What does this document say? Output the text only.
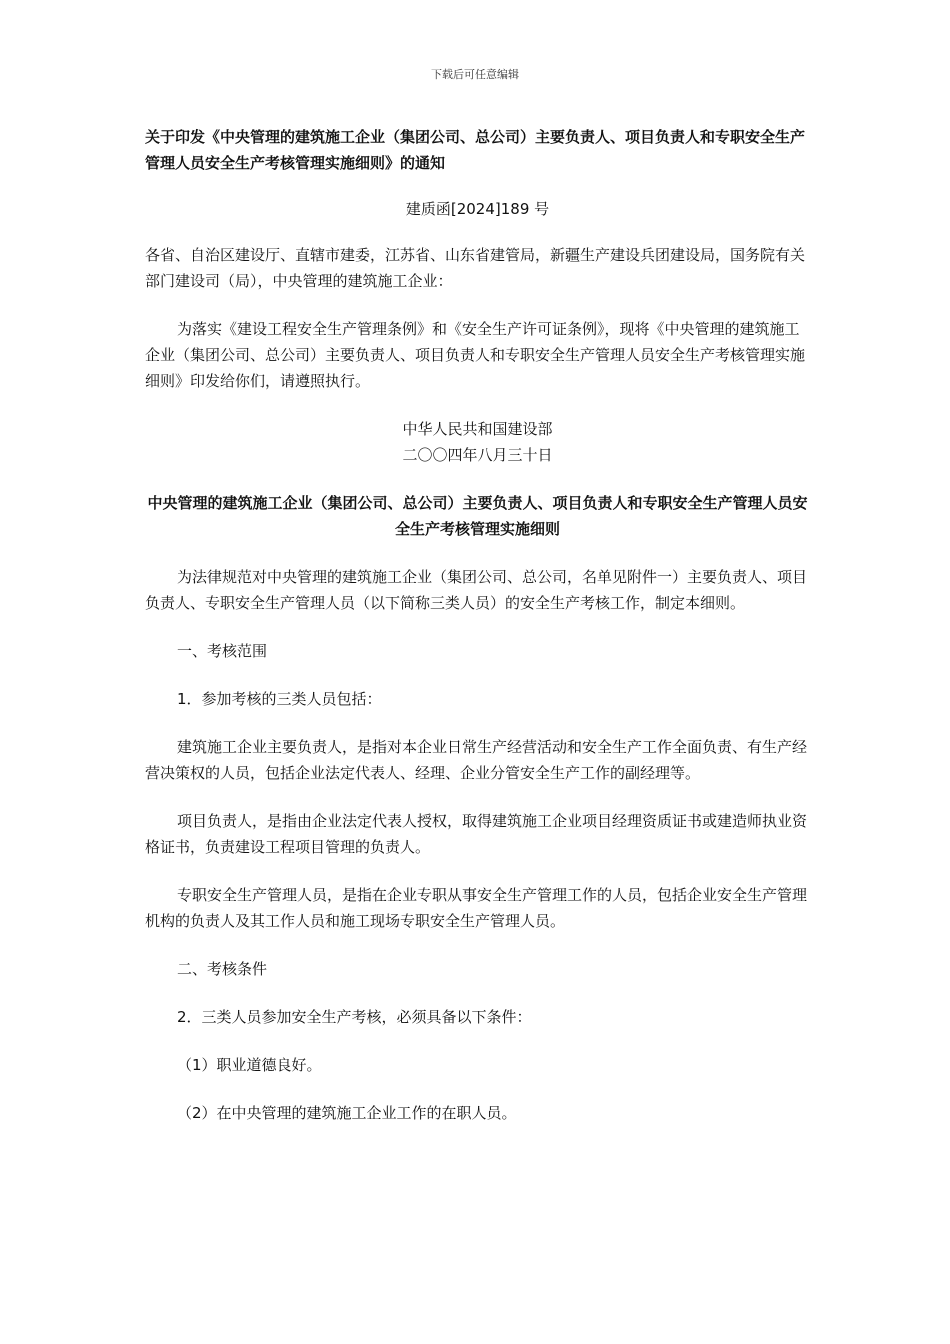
下载后可任意编辑

关于印发《中央管理的建筑施工企业（集团公司、总公司）主要负责人、项目负责人和专职安全生产管理人员安全生产考核管理实施细则》的通知

建质函[2024]189 号

各省、自治区建设厅、直辖市建委，江苏省、山东省建管局，新疆生产建设兵团建设局，国务院有关部门建设司（局），中央管理的建筑施工企业：

为落实《建设工程安全生产管理条例》和《安全生产许可证条例》，现将《中央管理的建筑施工企业（集团公司、总公司）主要负责人、项目负责人和专职安全生产管理人员安全生产考核管理实施细则》印发给你们，请遵照执行。

中华人民共和国建设部

二〇〇四年八月三十日

中央管理的建筑施工企业（集团公司、总公司）主要负责人、项目负责人和专职安全生产管理人员安全生产考核管理实施细则

为法律规范对中央管理的建筑施工企业（集团公司、总公司，名单见附件一）主要负责人、项目负责人、专职安全生产管理人员（以下简称三类人员）的安全生产考核工作，制定本细则。

一、考核范围

1．参加考核的三类人员包括：

建筑施工企业主要负责人，是指对本企业日常生产经营活动和安全生产工作全面负责、有生产经营决策权的人员，包括企业法定代表人、经理、企业分管安全生产工作的副经理等。

项目负责人，是指由企业法定代表人授权，取得建筑施工企业项目经理资质证书或建造师执业资格证书，负责建设工程项目管理的负责人。

专职安全生产管理人员，是指在企业专职从事安全生产管理工作的人员，包括企业安全生产管理机构的负责人及其工作人员和施工现场专职安全生产管理人员。

二、考核条件

2．三类人员参加安全生产考核，必须具备以下条件：

（1）职业道德良好。

（2）在中央管理的建筑施工企业工作的在职人员。
